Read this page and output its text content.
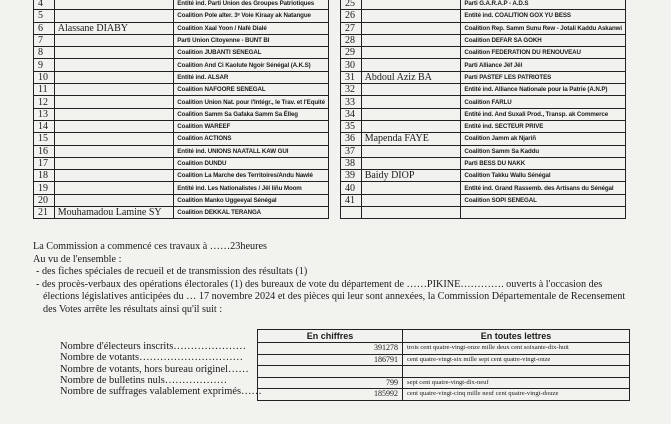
4		Entité ind. Parti Union des Groupes Patriotiques
5		Coalition Pole alter. 3ᵉ Voie Kiraay ak Natangue
6	Alassane DIABY	Coalition Xaal Yoon / Nafé Dialé
7		Parti Union Citoyenne - BUNT BI
8		Coalition JUBANTI SENEGAL
9		Coalition And Ci Kaolute Ngoir Sénégal (A.K.S)
10		Entité ind. ALSAR
11		Coalition NAFOORE SENEGAL
12		Coalition Union Nat. pour l'Intégr., le Trav. et l'Equité
13		Coalition Samm Sa Gafaka Samm Sa Élleg
14		Coalition WAREEF
15		Coalition ACTIONS
16		Entité ind. UNIONS NAATALL KAW GUI
17		Coalition DUNDU
18		Coalition La Marche des Territoires/Andu Nawlé
19		Entité ind. Les Nationalistes / Jël liñu Moom
20		Coalition Manko Uggeeyal Sénégal
21	Mouhamadou Lamine SY	Coalition DEKKAL TERANGA
25		Parti G.A.R.A.P - A.D.S
26		Entité ind. COALITION GOX YU BESS
27		Coalition Rep. Samm Sunu Rew - Jotali Kaddu Askanwi
28		Coalition DEFAR SA GOKH
29		Coalition FEDERATION DU RENOUVEAU
30		Parti Alliance Jëf Jël
31	Abdoul Aziz BA	Parti PASTEF LES PATRIOTES
32		Entité ind. Alliance Nationale pour la Patrie (A.N.P)
33		Coalition FARLU
34		Entité ind. And Suxali Prod., Transp. ak Commerce
35		Entité ind. SECTEUR PRIVE
36	Mapenda FAYE	Coalition Jamm ak Njariñ
37		Coalition Samm Sa Kaddu
38		Parti BESS DU NAKK
39	Baidy DIOP	Coalition Takku Wallu Sénégal
40		Entité ind. Grand Rassemb. des Artisans du Sénégal
41		Coalition SOPI SENEGAL

La Commission a commencé ces travaux à ……23heures

Au vu de l'ensemble :

- des fiches spéciales de recueil et de transmission des résultats (1)

- des procès-verbaux des opérations électorales (1) des bureaux de vote du département de ……PIKINE…………. ouverts à l'occasion des

élections législatives anticipées du … 17 novembre 2024 et des pièces qui leur sont annexées, la Commission Départementale de Recensement

des Votes arrête les résultats ainsi qu'il suit :

Nombre d'électeurs inscrits…………………
Nombre de votants…………………………
Nombre de votants, hors bureau originel……
Nombre de bulletins nuls………………
Nombre de suffrages valablement exprimés……
En chiffres	En toutes lettres
391278	trois cent quatre-vingt-onze mille deux cent soixante-dix-huit
186791	cent quatre-vingt-six mille sept cent quatre-vingt-onze

799	sept cent quatre-vingt-dix-neuf
185992	cent quatre-vingt-cinq mille neuf cent quatre-vingt-douze
